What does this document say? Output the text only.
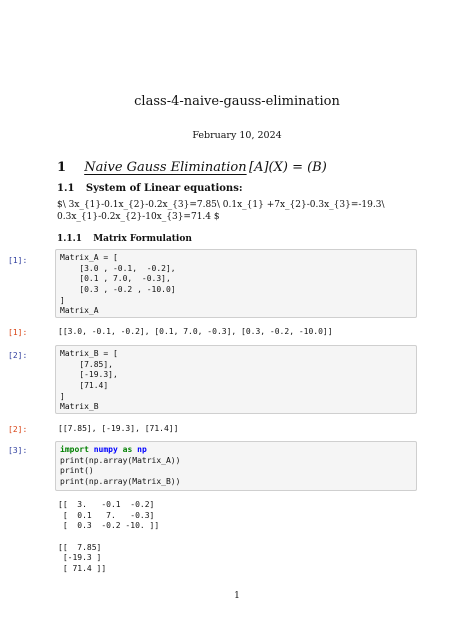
class-4-naive-gauss-elimination
February 10, 2024
1 Naive Gauss Elimination [A](X) = (B)
1.1 System of Linear equations:
$\ 3x_{1}-0.1x_{2}-0.2x_{3}=7.85\ 0.1x_{1} +7x_{2}-0.3x_{3}=-19.3\ 0.3x_{1}-0.2x_{2}-10x_{3}=71.4 $
1.1.1 Matrix Formulation
[1]:	Matrix_A = [
[3.0 , -0.1,  -0.2],
[0.1 , 7.0,  -0.3],
[0.3 , -0.2 , -10.0]
]
Matrix_A
[1]:	[[3.0, -0.1, -0.2], [0.1, 7.0, -0.3], [0.3, -0.2, -10.0]]
[2]:	Matrix_B = [
[7.85],
[-19.3],
[71.4]
]
Matrix_B
[2]:	[[7.85], [-19.3], [71.4]]
[3]:	import numpy as np
print(np.array(Matrix_A))
print()
print(np.array(Matrix_B))
[[  3.   -0.1  -0.2]
[  0.1   7.   -0.3]
[  0.3  -0.2 -10. ]]
[[  7.85]
[-19.3 ]
[ 71.4 ]]
1
